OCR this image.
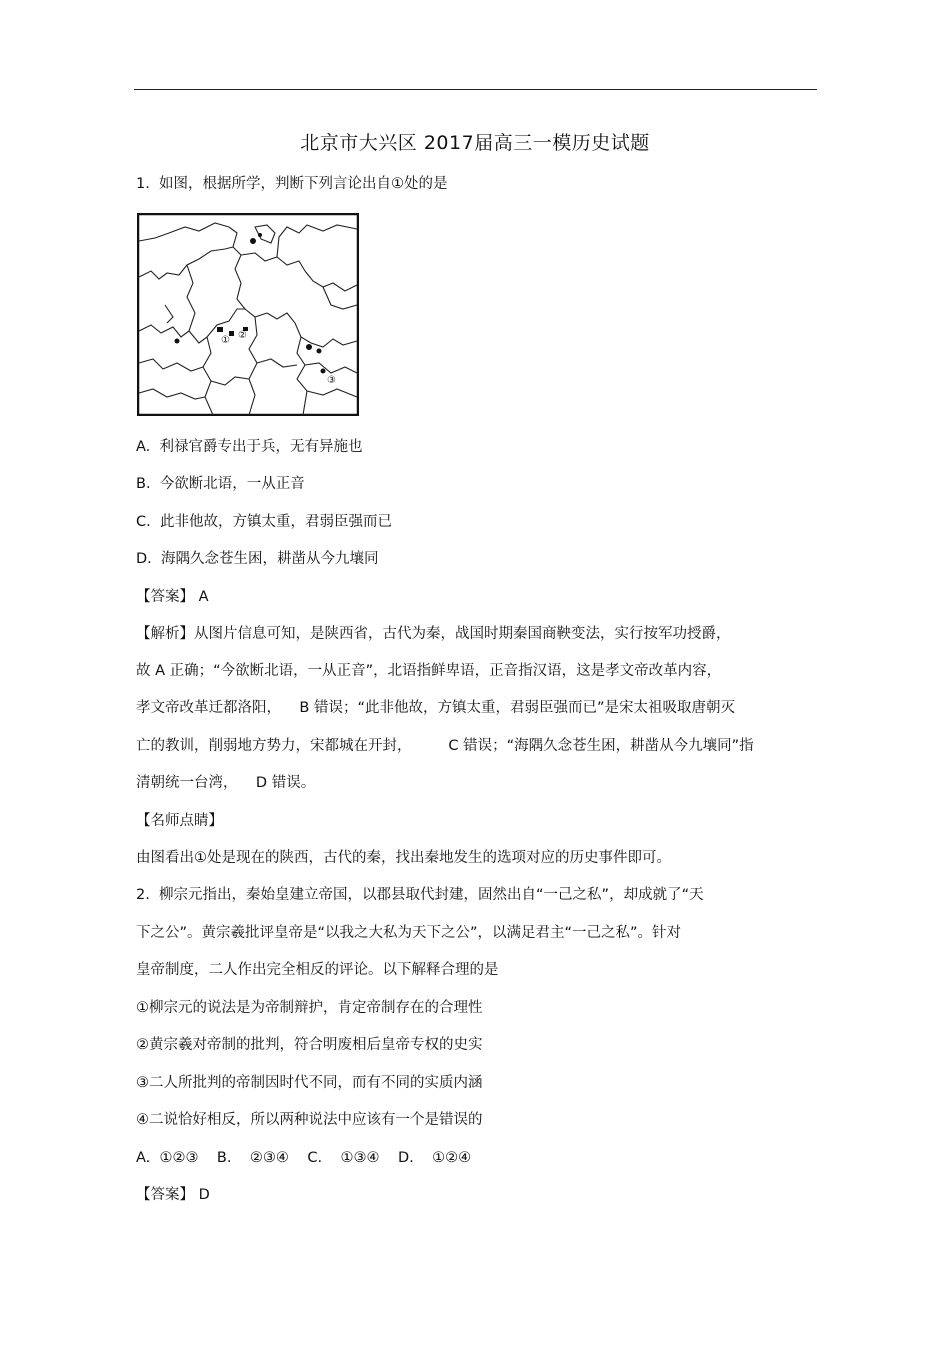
北京市大兴区 2017届高三一模历史试题
1.  如图，根据所学，判断下列言论出自①处的是
① ②
③
A.  利禄官爵专出于兵，无有异施也
B.  今欲断北语，一从正音
C.  此非他故，方镇太重，君弱臣强而已
D.  海隅久念苍生困，耕凿从今九壤同
【答案】 A
【解析】从图片信息可知，是陕西省，古代为秦，战国时期秦国商鞅变法，实行按军功授爵，
故 A 正确；“今欲断北语，一从正音”，北语指鲜卑语，正音指汉语，这是孝文帝改革内容，
孝文帝改革迁都洛阳，    B 错误；“此非他故，方镇太重，君弱臣强而已”是宋太祖吸取唐朝灭
亡的教训，削弱地方势力，宋都城在开封，        C 错误；“海隅久念苍生困，耕凿从今九壤同”指
清朝统一台湾，    D 错误。
【名师点睛】
由图看出①处是现在的陕西，古代的秦，找出秦地发生的选项对应的历史事件即可。
2.  柳宗元指出，秦始皇建立帝国，以郡县取代封建，固然出自“一己之私”，却成就了“天
下之公”。黄宗羲批评皇帝是“以我之大私为天下之公”，以满足君主“一己之私”。针对
皇帝制度，二人作出完全相反的评论。以下解释合理的是
①柳宗元的说法是为帝制辩护，肯定帝制存在的合理性
②黄宗羲对帝制的批判，符合明废相后皇帝专权的史实
③二人所批判的帝制因时代不同，而有不同的实质内涵
④二说恰好相反，所以两种说法中应该有一个是错误的
A.  ①②③    B.    ②③④    C.    ①③④    D.    ①②④
【答案】 D
